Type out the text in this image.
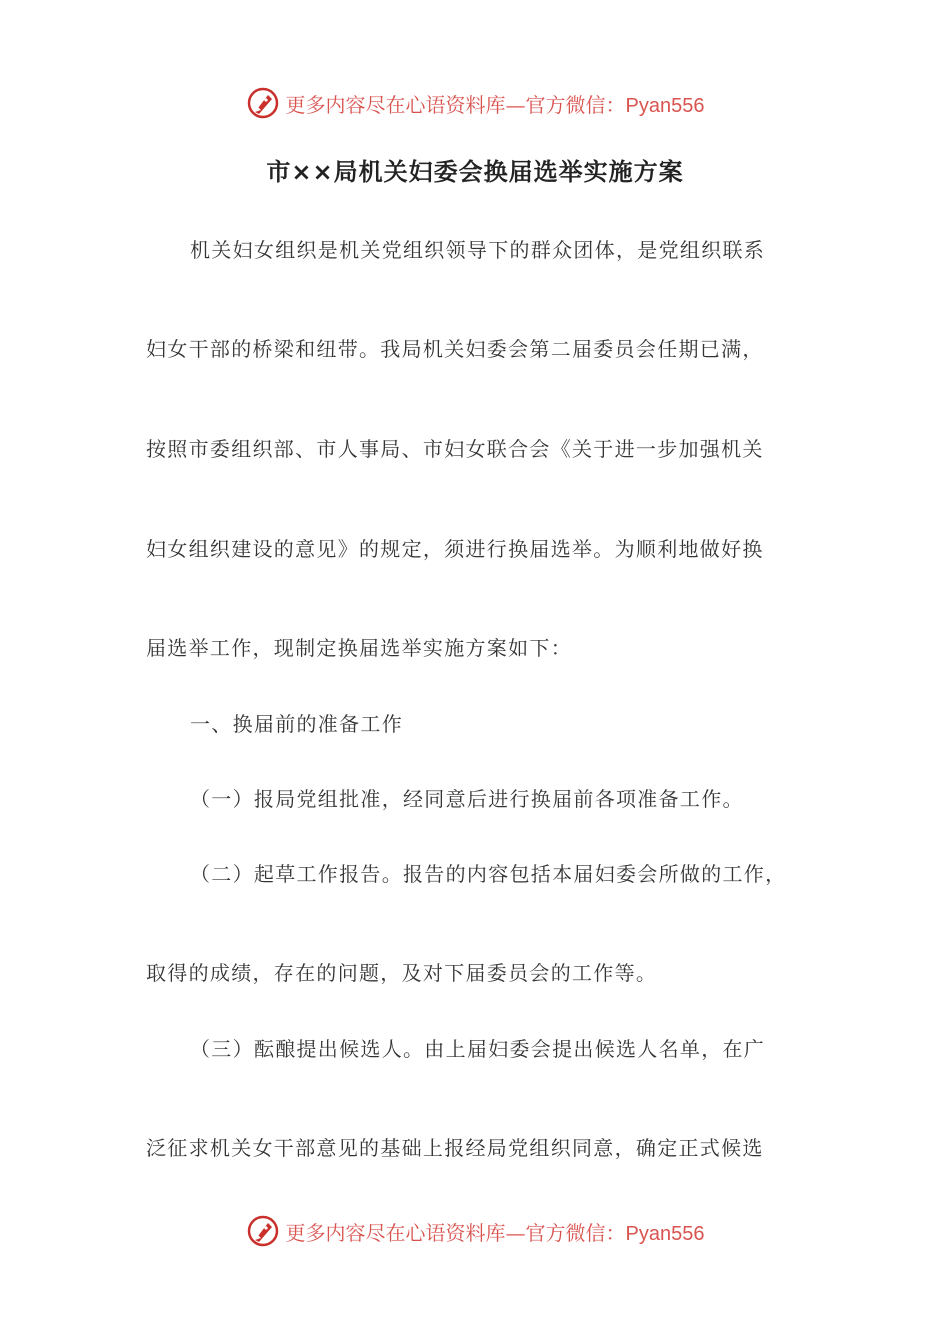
更多内容尽在心语资料库—官方微信：Pyan556
市××局机关妇委会换届选举实施方案
机关妇女组织是机关党组织领导下的群众团体，是党组织联系
妇女干部的桥梁和纽带。我局机关妇委会第二届委员会任期已满，
按照市委组织部、市人事局、市妇女联合会《关于进一步加强机关
妇女组织建设的意见》的规定，须进行换届选举。为顺利地做好换
届选举工作，现制定换届选举实施方案如下：
一、换届前的准备工作
（一）报局党组批准，经同意后进行换届前各项准备工作。
（二）起草工作报告。报告的内容包括本届妇委会所做的工作，
取得的成绩，存在的问题，及对下届委员会的工作等。
（三）酝酿提出候选人。由上届妇委会提出候选人名单，在广
泛征求机关女干部意见的基础上报经局党组织同意，确定正式候选
更多内容尽在心语资料库—官方微信：Pyan556
